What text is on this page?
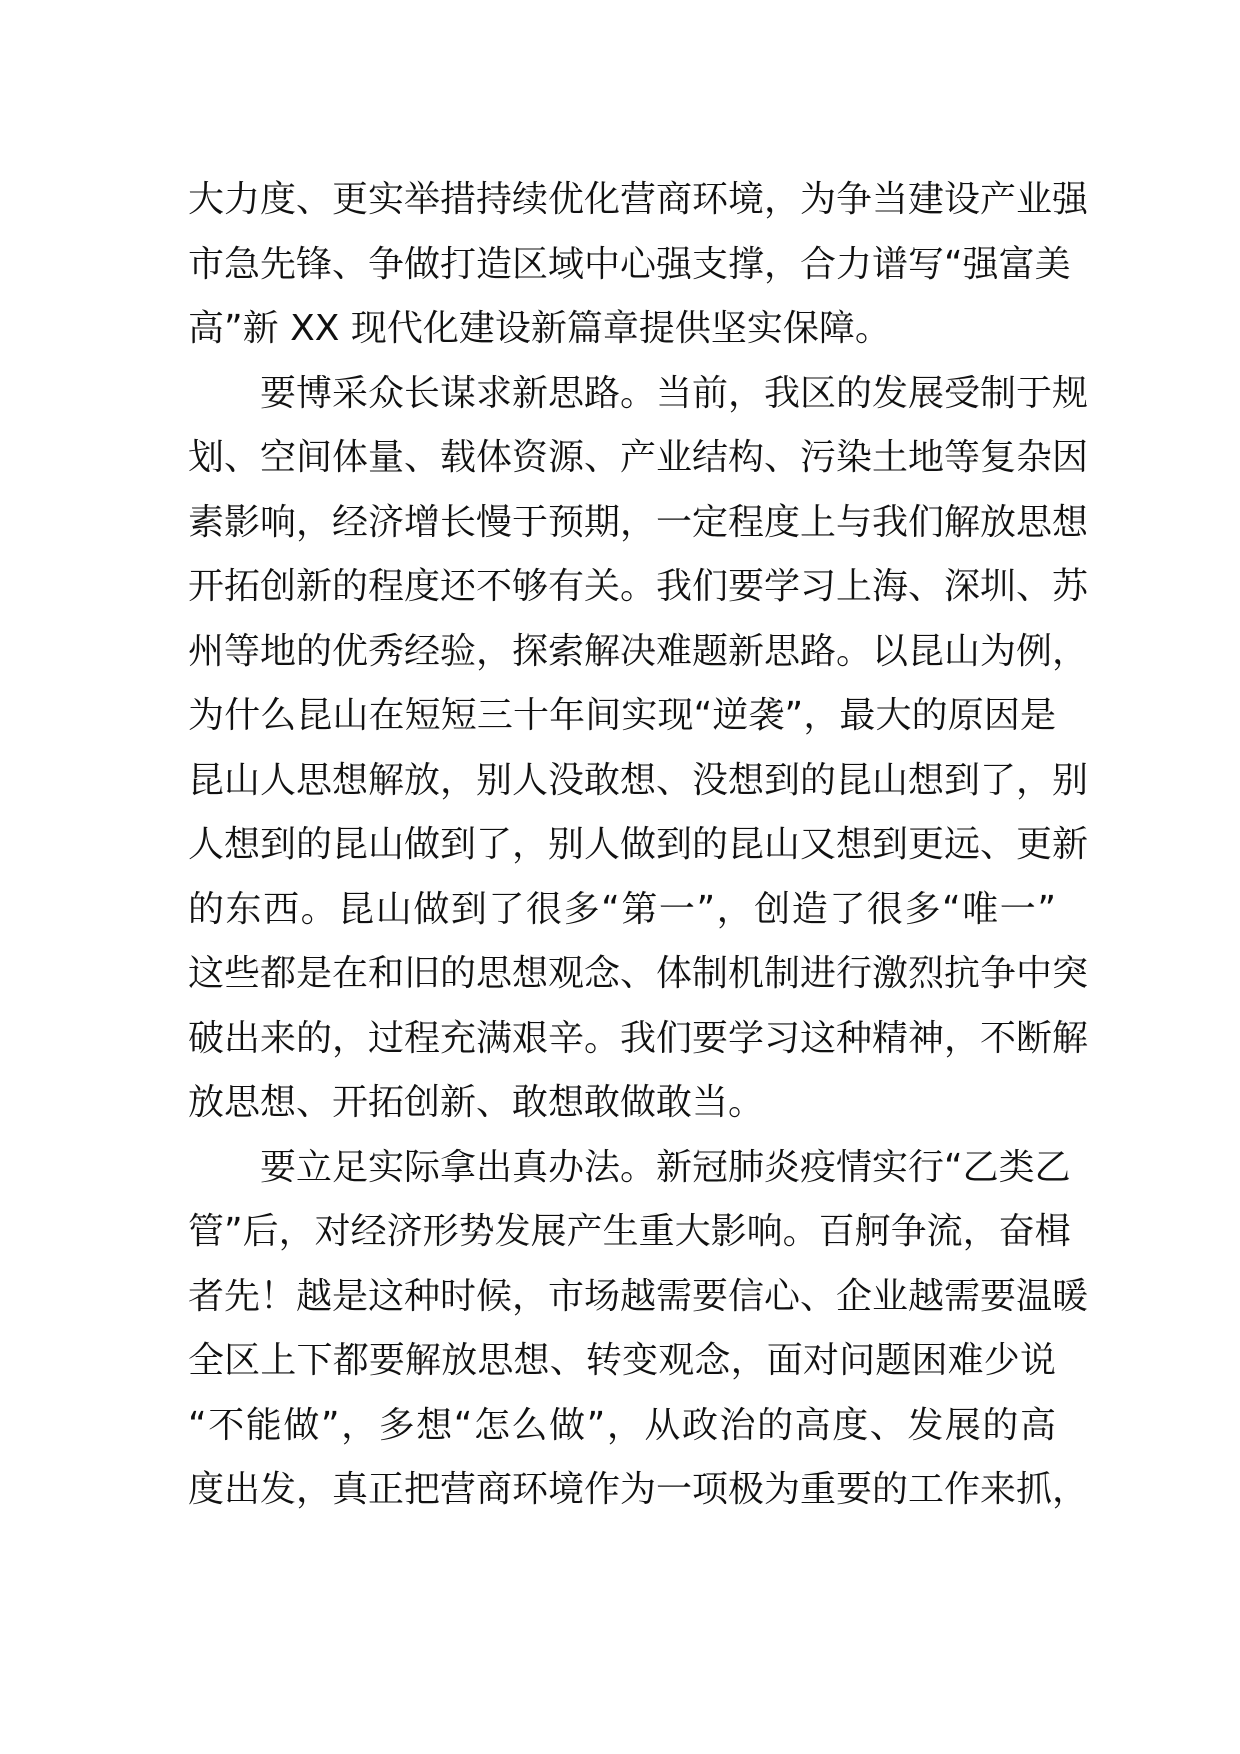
大力度、更实举措持续优化营商环境，为争当建设产业强
市急先锋、争做打造区域中心强支撑，合力谱写“强富美
高”新 XX 现代化建设新篇章提供坚实保障。
　　要博采众长谋求新思路。当前，我区的发展受制于规
划、空间体量、载体资源、产业结构、污染土地等复杂因
素影响，经济增长慢于预期，一定程度上与我们解放思想
开拓创新的程度还不够有关。我们要学习上海、深圳、苏
州等地的优秀经验，探索解决难题新思路。以昆山为例，
为什么昆山在短短三十年间实现“逆袭”，最大的原因是
昆山人思想解放，别人没敢想、没想到的昆山想到了，别
人想到的昆山做到了，别人做到的昆山又想到更远、更新
的东西。昆山做到了很多“第一”，创造了很多“唯一”
这些都是在和旧的思想观念、体制机制进行激烈抗争中突
破出来的，过程充满艰辛。我们要学习这种精神，不断解
放思想、开拓创新、敢想敢做敢当。
　　要立足实际拿出真办法。新冠肺炎疫情实行“乙类乙
管”后，对经济形势发展产生重大影响。百舸争流，奋楫
者先！越是这种时候，市场越需要信心、企业越需要温暖
全区上下都要解放思想、转变观念，面对问题困难少说
“不能做”，多想“怎么做”，从政治的高度、发展的高
度出发，真正把营商环境作为一项极为重要的工作来抓，
